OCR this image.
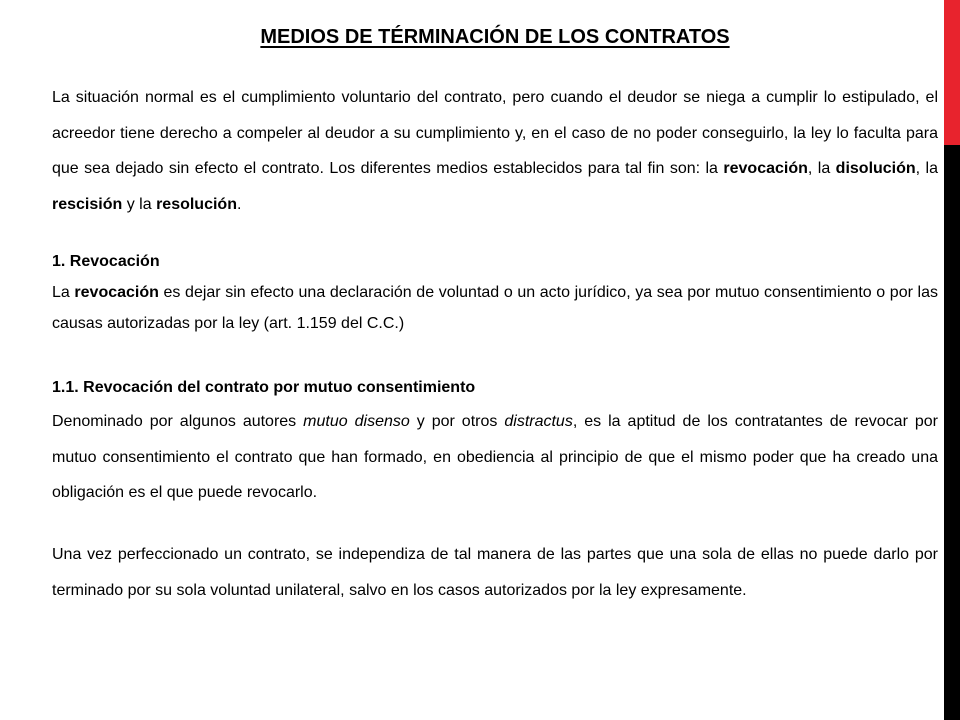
MEDIOS DE TÉRMINACIÓN DE LOS CONTRATOS

La situación normal es el cumplimiento voluntario del contrato, pero cuando el deudor se niega a cumplir lo estipulado, el acreedor tiene derecho a compeler al deudor a su cumplimiento y, en el caso de no poder conseguirlo, la ley lo faculta para que sea dejado sin efecto el contrato. Los diferentes medios establecidos para tal fin son: la revocación, la disolución, la rescisión y la resolución.

1. Revocación
La revocación es dejar sin efecto una declaración de voluntad o un acto jurídico, ya sea por mutuo consentimiento o por las causas autorizadas por la ley (art. 1.159 del C.C.)

1.1. Revocación del contrato por mutuo consentimiento
Denominado por algunos autores mutuo disenso y por otros distractus, es la aptitud de los contratantes de revocar por mutuo consentimiento el contrato que han formado, en obediencia al principio de que el mismo poder que ha creado una obligación es el que puede revocarlo.

Una vez perfeccionado un contrato, se independiza de tal manera de las partes que una sola de ellas no puede darlo por terminado por su sola voluntad unilateral, salvo en los casos autorizados por la ley expresamente.
